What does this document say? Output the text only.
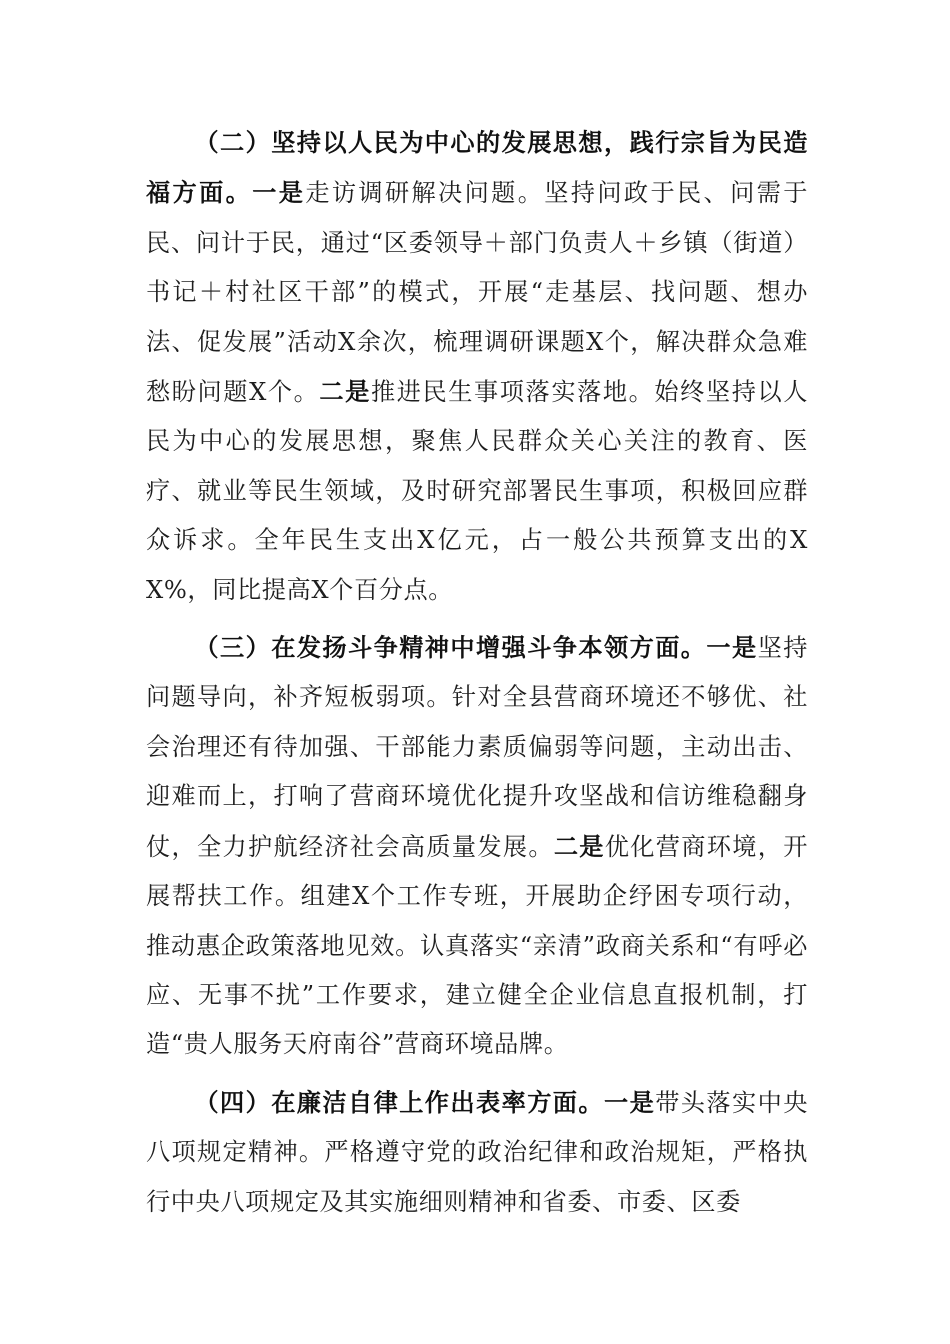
（二）坚持以人民为中心的发展思想，践行宗旨为民造福方面。一是走访调研解决问题。坚持问政于民、问需于民、问计于民，通过“区委领导＋部门负责人＋乡镇（街道）书记＋村社区干部”的模式，开展“走基层、找问题、想办法、促发展”活动X余次，梳理调研课题X个，解决群众急难愁盼问题X个。二是推进民生事项落实落地。始终坚持以人民为中心的发展思想，聚焦人民群众关心关注的教育、医疗、就业等民生领域，及时研究部署民生事项，积极回应群众诉求。全年民生支出X亿元，占一般公共预算支出的XX%，同比提高X个百分点。

（三）在发扬斗争精神中增强斗争本领方面。一是坚持问题导向，补齐短板弱项。针对全县营商环境还不够优、社会治理还有待加强、干部能力素质偏弱等问题，主动出击、迎难而上，打响了营商环境优化提升攻坚战和信访维稳翻身仗，全力护航经济社会高质量发展。二是优化营商环境，开展帮扶工作。组建X个工作专班，开展助企纾困专项行动，推动惠企政策落地见效。认真落实“亲清”政商关系和“有呼必应、无事不扰”工作要求，建立健全企业信息直报机制，打造“贵人服务天府南谷”营商环境品牌。

（四）在廉洁自律上作出表率方面。一是带头落实中央八项规定精神。严格遵守党的政治纪律和政治规矩，严格执行中央八项规定及其实施细则精神和省委、市委、区委
